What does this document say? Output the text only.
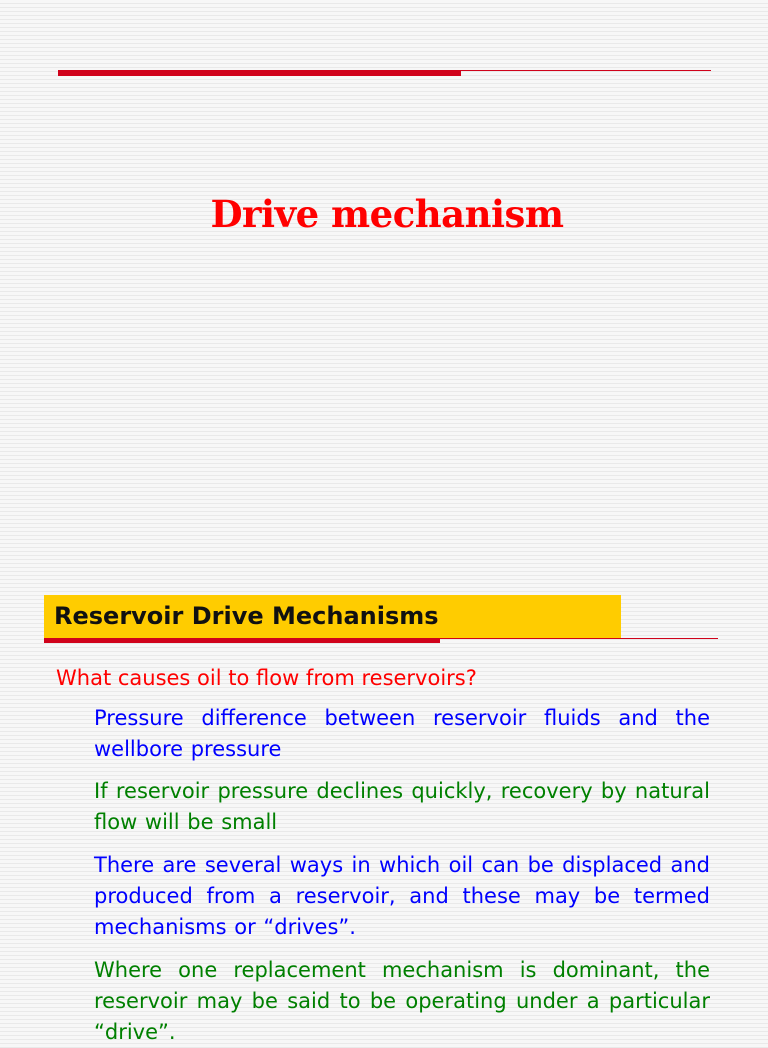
Drive mechanism
Reservoir Drive Mechanisms
What causes oil to flow from reservoirs?
Pressure difference between reservoir fluids and the wellbore pressure
If reservoir pressure declines quickly, recovery by natural flow will be small
There are several ways in which oil can be displaced and produced from a reservoir, and these may be termed mechanisms or “drives”.
Where one replacement mechanism is dominant, the reservoir may be said to be operating under a particular “drive”.
